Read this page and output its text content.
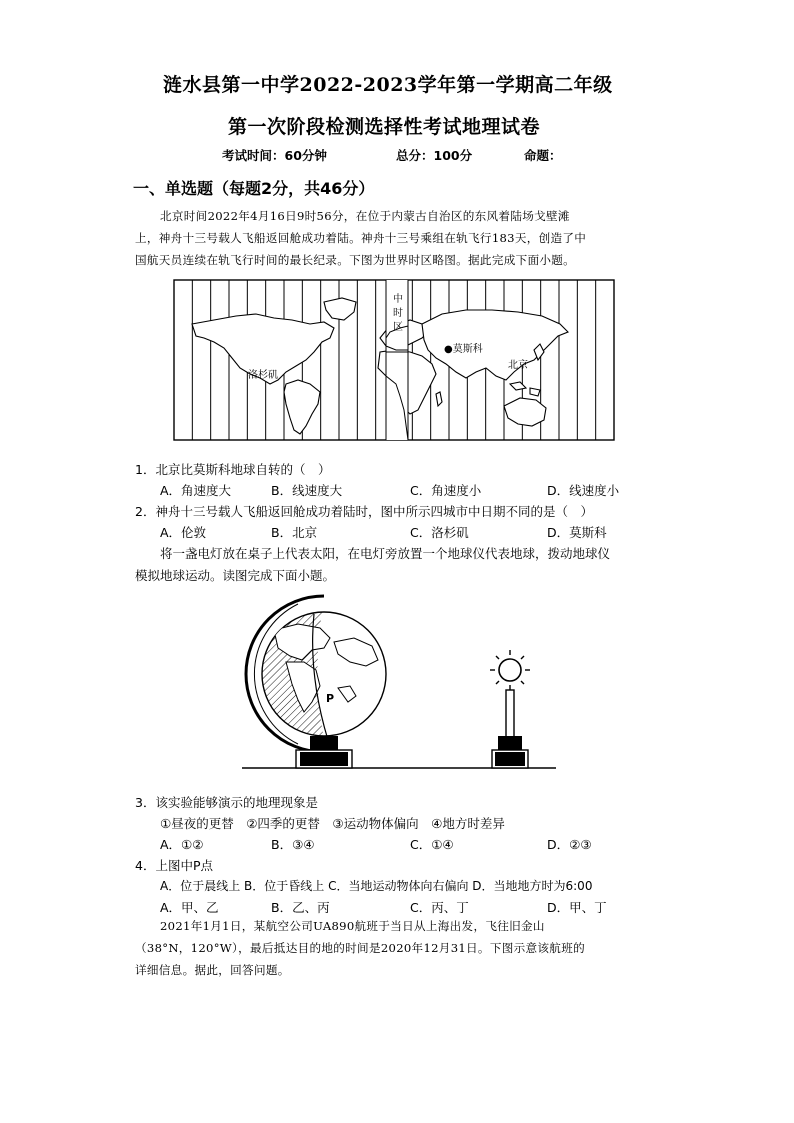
涟水县第一中学2022-2023学年第一学期高二年级
第一次阶段检测选择性考试地理试卷
考试时间：60分钟	总分：100分	命题：
一、单选题（每题2分，共46分）
北京时间2022年4月16日9时56分，在位于内蒙古自治区的东风着陆场戈壁滩
上，神舟十三号载人飞船返回舱成功着陆。神舟十三号乘组在轨飞行183天，创造了中
国航天员连续在轨飞行时间的最长纪录。下图为世界时区略图。据此完成下面小题。
中
时
区
●莫斯科
北京
洛杉矶
1．北京比莫斯科地球自转的（　）
A．角速度大	B．线速度大	C．角速度小	D．线速度小
2．神舟十三号载人飞船返回舱成功着陆时，图中所示四城市中日期不同的是（　）
A．伦敦	B．北京	C．洛杉矶	D．莫斯科
将一盏电灯放在桌子上代表太阳，在电灯旁放置一个地球仪代表地球，拨动地球仪
模拟地球运动。读图完成下面小题。
P
3．该实验能够演示的地理现象是
①昼夜的更替　②四季的更替　③运动物体偏向　④地方时差异
A．①②	B．③④	C．①④	D．②③
4．上图中P点
A．位于晨线上 B．位于昏线上 C．当地运动物体向右偏向 D．当地地方时为6:00
A．甲、乙	B．乙、丙	C．丙、丁	D．甲、丁
2021年1月1日，某航空公司UA890航班于当日从上海出发，飞往旧金山
（38°N，120°W），最后抵达目的地的时间是2020年12月31日。下图示意该航班的
详细信息。据此，回答问题。
